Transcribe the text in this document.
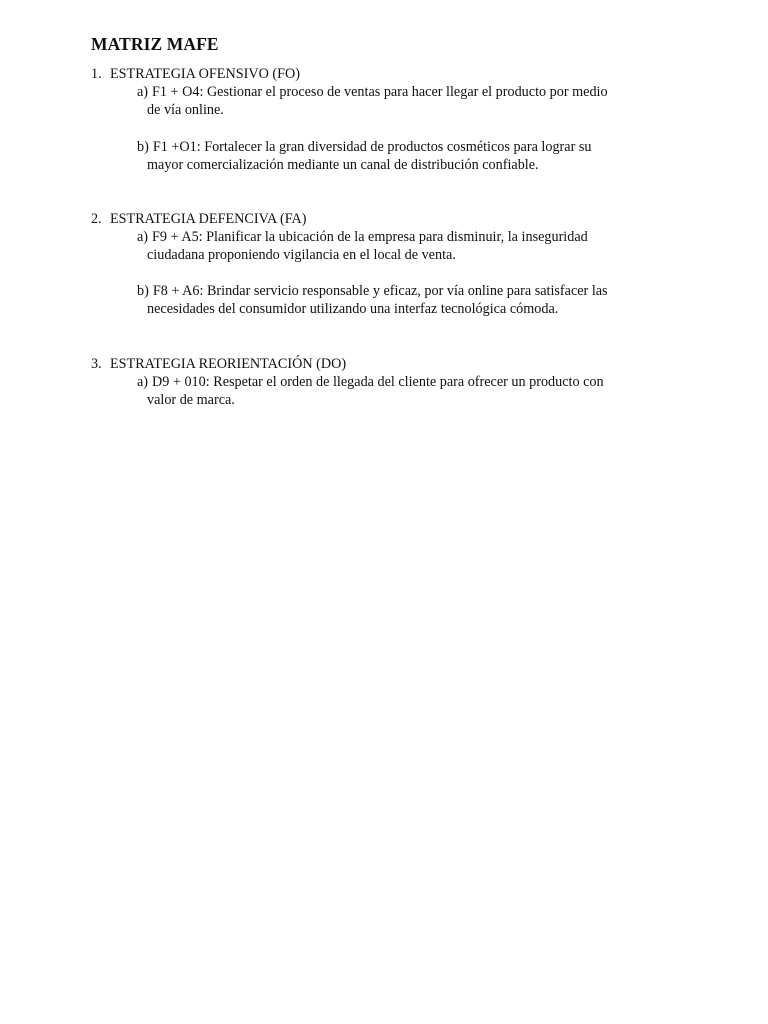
MATRIZ MAFE
1. ESTRATEGIA OFENSIVO (FO)
a) F1 + O4: Gestionar el proceso de ventas para hacer llegar el producto por medio
de vía online.
b) F1 +O1: Fortalecer la gran diversidad de productos cosméticos para lograr su
mayor comercialización mediante un canal de distribución confiable.
2. ESTRATEGIA DEFENCIVA (FA)
a) F9 + A5: Planificar la ubicación de la empresa para disminuir, la inseguridad
ciudadana proponiendo vigilancia en el local de venta.
b) F8 + A6: Brindar servicio responsable y eficaz, por vía online para satisfacer las
necesidades del consumidor utilizando una interfaz tecnológica cómoda.
3. ESTRATEGIA REORIENTACIÓN (DO)
a) D9 + 010: Respetar el orden de llegada del cliente para ofrecer un producto con
valor de marca.
